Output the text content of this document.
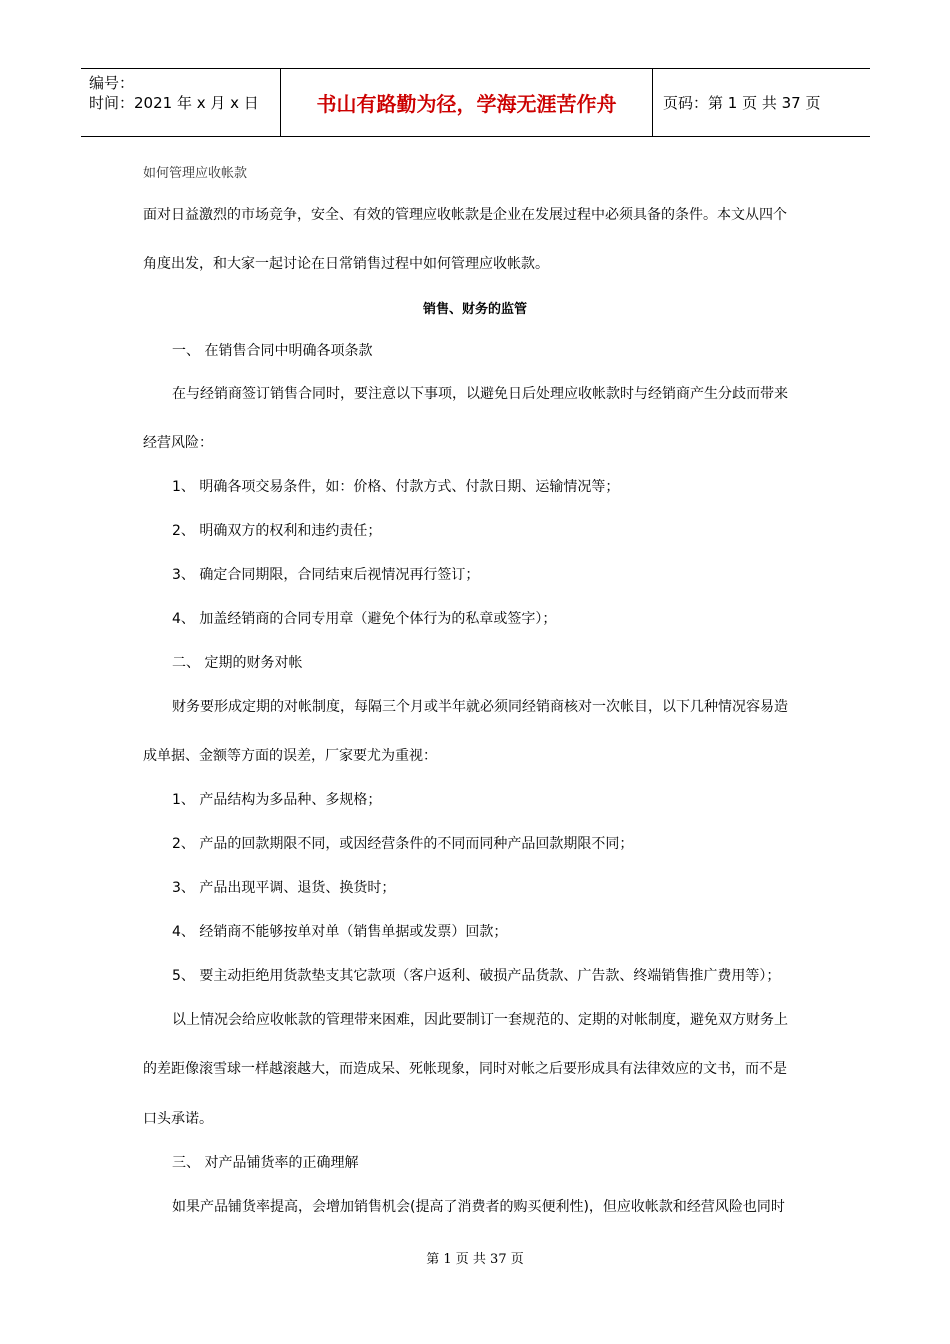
编号：
时间：2021 年 x 月 x 日	书山有路勤为径，学海无涯苦作舟	页码：第 1 页 共 37 页
如何管理应收帐款
面对日益激烈的市场竞争，安全、有效的管理应收帐款是企业在发展过程中必须具备的条件。本文从四个
角度出发，和大家一起讨论在日常销售过程中如何管理应收帐款。
销售、财务的监管
一、 在销售合同中明确各项条款
在与经销商签订销售合同时，要注意以下事项，以避免日后处理应收帐款时与经销商产生分歧而带来
经营风险：
1、 明确各项交易条件，如：价格、付款方式、付款日期、运输情况等；
2、 明确双方的权利和违约责任；
3、 确定合同期限，合同结束后视情况再行签订；
4、 加盖经销商的合同专用章（避免个体行为的私章或签字）；
二、 定期的财务对帐
财务要形成定期的对帐制度，每隔三个月或半年就必须同经销商核对一次帐目，以下几种情况容易造
成单据、金额等方面的误差，厂家要尤为重视：
1、 产品结构为多品种、多规格；
2、 产品的回款期限不同，或因经营条件的不同而同种产品回款期限不同；
3、 产品出现平调、退货、换货时；
4、 经销商不能够按单对单（销售单据或发票）回款；
5、 要主动拒绝用货款垫支其它款项（客户返利、破损产品货款、广告款、终端销售推广费用等）；
以上情况会给应收帐款的管理带来困难，因此要制订一套规范的、定期的对帐制度，避免双方财务上
的差距像滚雪球一样越滚越大，而造成呆、死帐现象，同时对帐之后要形成具有法律效应的文书，而不是
口头承诺。
三、 对产品铺货率的正确理解
如果产品铺货率提高，会增加销售机会(提高了消费者的购买便利性)，但应收帐款和经营风险也同时
第 1 页 共 37 页
